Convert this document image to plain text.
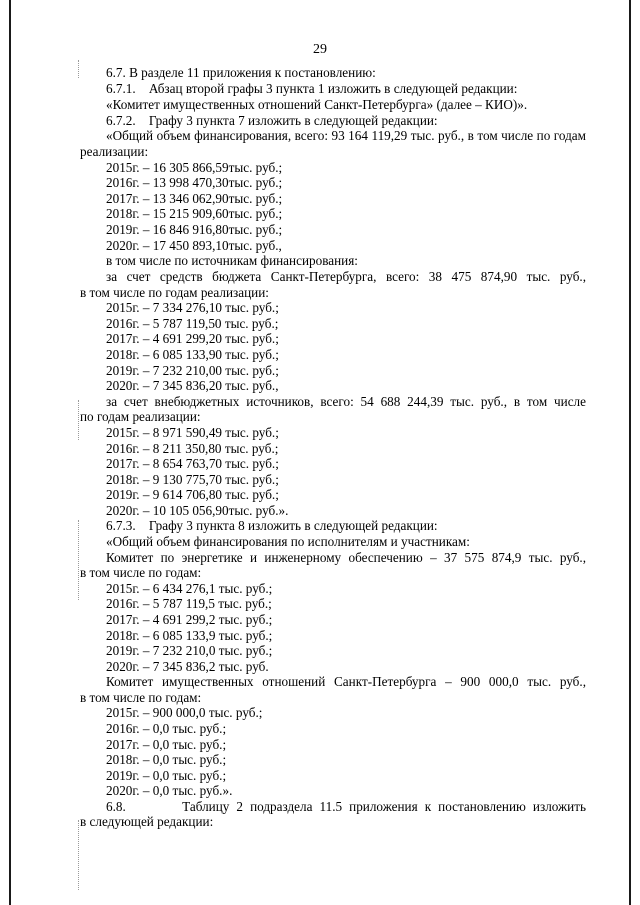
29
6.7. В разделе 11 приложения к постановлению:
6.7.1.    Абзац второй графы 3 пункта 1 изложить в следующей редакции:
«Комитет имущественных отношений Санкт-Петербурга» (далее – КИО)».
6.7.2.    Графу 3 пункта 7 изложить в следующей редакции:
«Общий объем финансирования, всего: 93 164 119,29 тыс. руб., в том числе по годам
реализации:
2015г. – 16 305 866,59тыс. руб.;
2016г. – 13 998 470,30тыс. руб.;
2017г. – 13 346 062,90тыс. руб.;
2018г. – 15 215 909,60тыс. руб.;
2019г. – 16 846 916,80тыс. руб.;
2020г. – 17 450 893,10тыс. руб.,
в том числе по источникам финансирования:
за счет средств бюджета Санкт-Петербурга, всего: 38 475 874,90 тыс. руб.,
в том числе по годам реализации:
2015г. – 7 334 276,10 тыс. руб.;
2016г. – 5 787 119,50 тыс. руб.;
2017г. – 4 691 299,20 тыс. руб.;
2018г. – 6 085 133,90 тыс. руб.;
2019г. – 7 232 210,00 тыс. руб.;
2020г. – 7 345 836,20 тыс. руб.,
за счет внебюджетных источников, всего: 54 688 244,39 тыс. руб., в том числе
по годам реализации:
2015г. – 8 971 590,49 тыс. руб.;
2016г. – 8 211 350,80 тыс. руб.;
2017г. – 8 654 763,70 тыс. руб.;
2018г. – 9 130 775,70 тыс. руб.;
2019г. – 9 614 706,80 тыс. руб.;
2020г. – 10 105 056,90тыс. руб.».
6.7.3.    Графу 3 пункта 8 изложить в следующей редакции:
«Общий объем финансирования по исполнителям и участникам:
Комитет по энергетике и инженерному обеспечению – 37 575 874,9 тыс. руб.,
в том числе по годам:
2015г. – 6 434 276,1 тыс. руб.;
2016г. – 5 787 119,5 тыс. руб.;
2017г. – 4 691 299,2 тыс. руб.;
2018г. – 6 085 133,9 тыс. руб.;
2019г. – 7 232 210,0 тыс. руб.;
2020г. – 7 345 836,2 тыс. руб.
Комитет имущественных отношений Санкт-Петербурга – 900 000,0 тыс. руб.,
в том числе по годам:
2015г. – 900 000,0 тыс. руб.;
2016г. – 0,0 тыс. руб.;
2017г. – 0,0 тыс. руб.;
2018г. – 0,0 тыс. руб.;
2019г. – 0,0 тыс. руб.;
2020г. – 0,0 тыс. руб.».
6.8.        Таблицу 2 подраздела 11.5 приложения к постановлению изложить
в следующей редакции:
